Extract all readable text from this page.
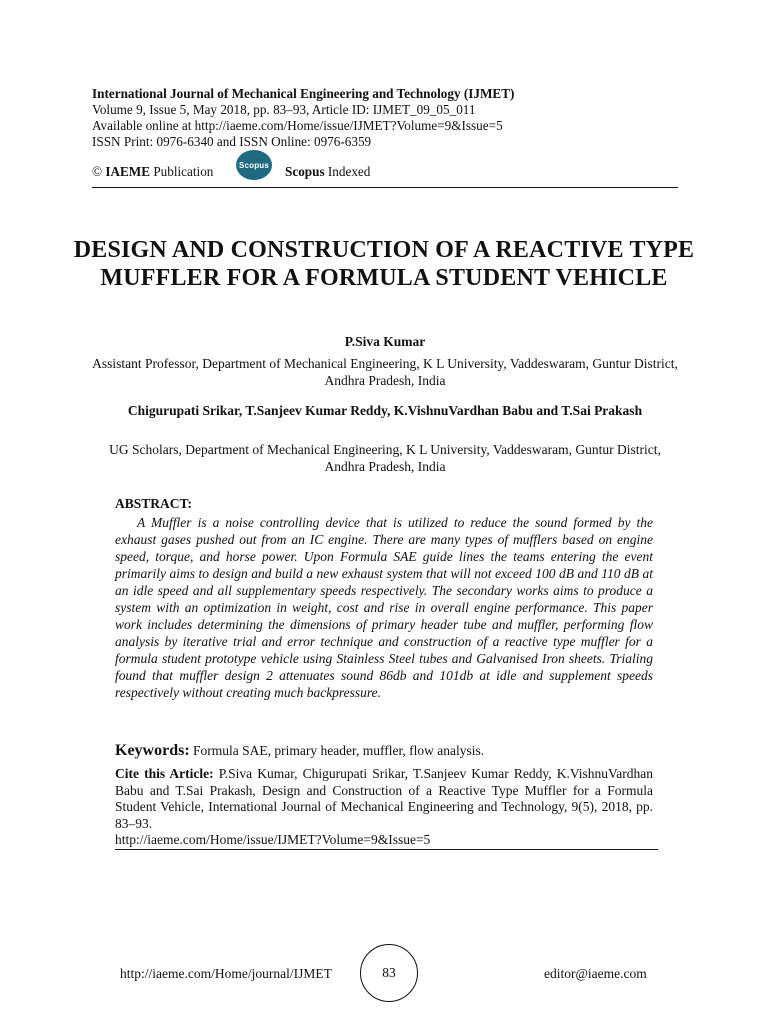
International Journal of Mechanical Engineering and Technology (IJMET)
Volume 9, Issue 5, May 2018, pp. 83–93, Article ID: IJMET_09_05_011
Available online at http://iaeme.com/Home/issue/IJMET?Volume=9&Issue=5
ISSN Print: 0976-6340 and ISSN Online: 0976-6359
© IAEME Publication	Scopus Scopus Indexed
DESIGN AND CONSTRUCTION OF A REACTIVE TYPE MUFFLER FOR A FORMULA STUDENT VEHICLE
P.Siva Kumar
Assistant Professor, Department of Mechanical Engineering, K L University, Vaddeswaram, Guntur District, Andhra Pradesh, India
Chigurupati Srikar, T.Sanjeev Kumar Reddy, K.VishnuVardhan Babu and T.Sai Prakash
UG Scholars, Department of Mechanical Engineering, K L University, Vaddeswaram, Guntur District, Andhra Pradesh, India
ABSTRACT:
A Muffler is a noise controlling device that is utilized to reduce the sound formed by the exhaust gases pushed out from an IC engine. There are many types of mufflers based on engine speed, torque, and horse power. Upon Formula SAE guide lines the teams entering the event primarily aims to design and build a new exhaust system that will not exceed 100 dB and 110 dB at an idle speed and all supplementary speeds respectively. The secondary works aims to produce a system with an optimization in weight, cost and rise in overall engine performance. This paper work includes determining the dimensions of primary header tube and muffler, performing flow analysis by iterative trial and error technique and construction of a reactive type muffler for a formula student prototype vehicle using Stainless Steel tubes and Galvanised Iron sheets. Trialing found that muffler design 2 attenuates sound 86db and 101db at idle and supplement speeds respectively without creating much backpressure.
Keywords: Formula SAE, primary header, muffler, flow analysis.
Cite this Article: P.Siva Kumar, Chigurupati Srikar, T.Sanjeev Kumar Reddy, K.VishnuVardhan Babu and T.Sai Prakash, Design and Construction of a Reactive Type Muffler for a Formula Student Vehicle, International Journal of Mechanical Engineering and Technology, 9(5), 2018, pp. 83–93.
http://iaeme.com/Home/issue/IJMET?Volume=9&Issue=5
http://iaeme.com/Home/journal/IJMET	83	editor@iaeme.com
